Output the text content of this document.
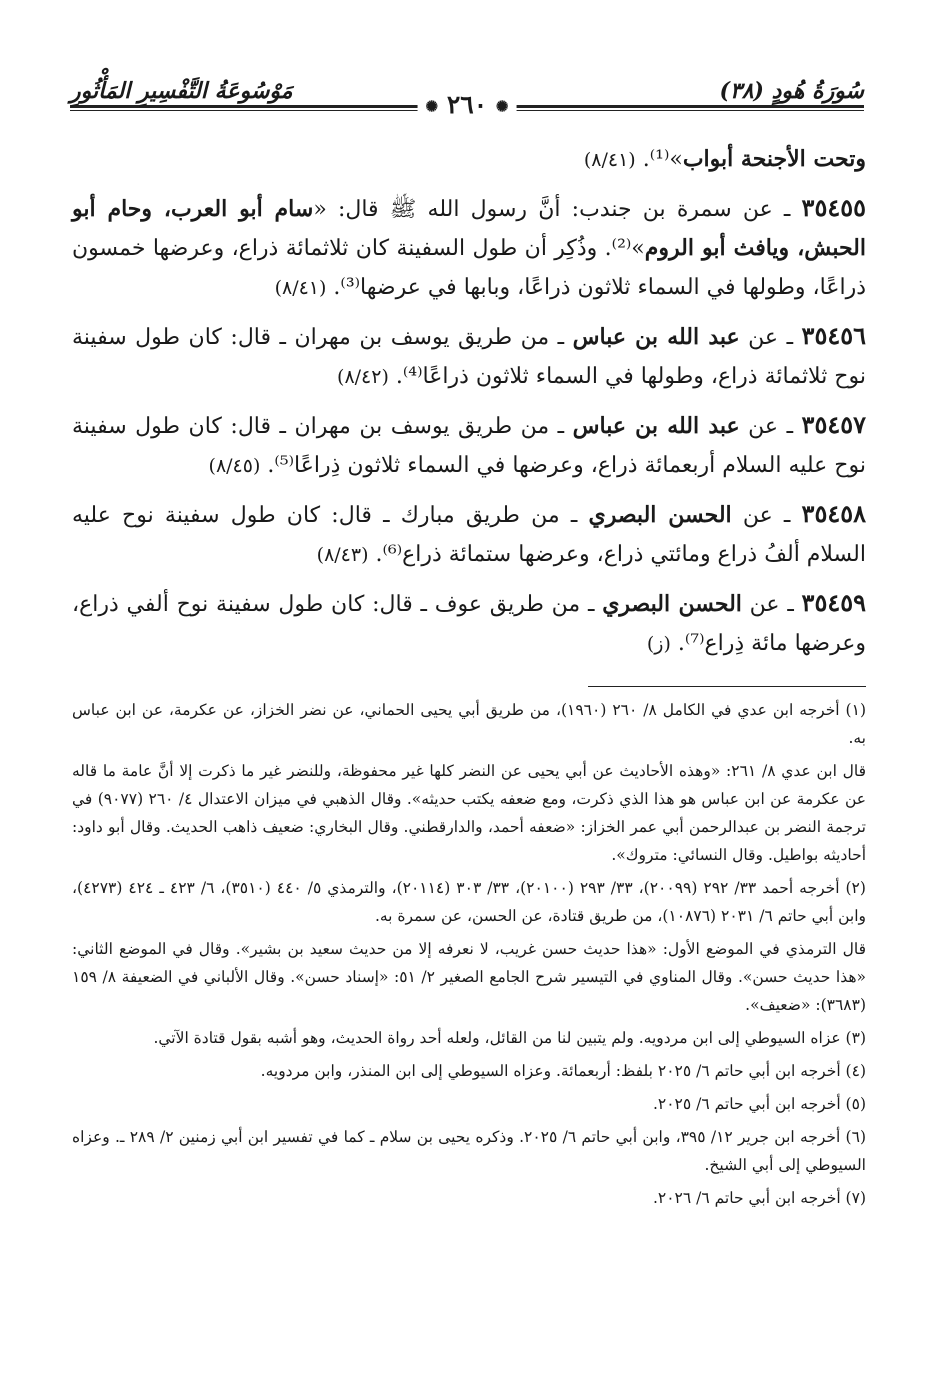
سُورَةُ هُودٍ (٣٨)
✺ ٢٦٠ ✺
مَوْسُوعَةُ التَّفْسِيرِ المَأْثُورِ

وتحت الأجنحة أبواب»⁽¹⁾. (٨/٤١)

٣٥٤٥٥ ـ عن سمرة بن جندب: أنَّ رسول الله ﷺ قال: «سام أبو العرب، وحام أبو الحبش، ويافث أبو الروم»⁽²⁾. وذُكِر أن طول السفينة كان ثلاثمائة ذراع، وعرضها خمسون ذراعًا، وطولها في السماء ثلاثون ذراعًا، وبابها في عرضها⁽³⁾. (٨/٤١)

٣٥٤٥٦ ـ عن عبد الله بن عباس ـ من طريق يوسف بن مهران ـ قال: كان طول سفينة نوح ثلاثمائة ذراع، وطولها في السماء ثلاثون ذراعًا⁽⁴⁾. (٨/٤٢)

٣٥٤٥٧ ـ عن عبد الله بن عباس ـ من طريق يوسف بن مهران ـ قال: كان طول سفينة نوح عليه السلام أربعمائة ذراع، وعرضها في السماء ثلاثون ذِراعًا⁽⁵⁾. (٨/٤٥)

٣٥٤٥٨ ـ عن الحسن البصري ـ من طريق مبارك ـ قال: كان طول سفينة نوح عليه السلام ألفُ ذراع ومائتي ذراع، وعرضها ستمائة ذراع⁽⁶⁾. (٨/٤٣)

٣٥٤٥٩ ـ عن الحسن البصري ـ من طريق عوف ـ قال: كان طول سفينة نوح ألفي ذراع، وعرضها مائة ذِراع⁽⁷⁾. (ز)

(١) أخرجه ابن عدي في الكامل ٨/ ٢٦٠ (١٩٦٠)، من طريق أبي يحيى الحماني، عن نضر الخزاز، عن عكرمة، عن ابن عباس به.

قال ابن عدي ٨/ ٢٦١: «وهذه الأحاديث عن أبي يحيى عن النضر كلها غير محفوظة، وللنضر غير ما ذكرت إلا أنَّ عامة ما قاله عن عكرمة عن ابن عباس هو هذا الذي ذكرت، ومع ضعفه يكتب حديثه». وقال الذهبي في ميزان الاعتدال ٤/ ٢٦٠ (٩٠٧٧) في ترجمة النضر بن عبدالرحمن أبي عمر الخزاز: «ضعفه أحمد، والدارقطني. وقال البخاري: ضعيف ذاهب الحديث. وقال أبو داود: أحاديثه بواطيل. وقال النسائي: متروك».

(٢) أخرجه أحمد ٣٣/ ٢٩٢ (٢٠٠٩٩)، ٣٣/ ٢٩٣ (٢٠١٠٠)، ٣٣/ ٣٠٣ (٢٠١١٤)، والترمذي ٥/ ٤٤٠ (٣٥١٠)، ٦/ ٤٢٣ ـ ٤٢٤ (٤٢٧٣)، وابن أبي حاتم ٦/ ٢٠٣١ (١٠٨٧٦)، من طريق قتادة، عن الحسن، عن سمرة به.

قال الترمذي في الموضع الأول: «هذا حديث حسن غريب، لا نعرفه إلا من حديث سعيد بن بشير». وقال في الموضع الثاني: «هذا حديث حسن». وقال المناوي في التيسير شرح الجامع الصغير ٢/ ٥١: «إسناد حسن». وقال الألباني في الضعيفة ٨/ ١٥٩ (٣٦٨٣): «ضعيف».

(٣) عزاه السيوطي إلى ابن مردويه. ولم يتبين لنا من القائل، ولعله أحد رواة الحديث، وهو أشبه بقول قتادة الآتي.

(٤) أخرجه ابن أبي حاتم ٦/ ٢٠٢٥ بلفظ: أربعمائة. وعزاه السيوطي إلى ابن المنذر، وابن مردويه.

(٥) أخرجه ابن أبي حاتم ٦/ ٢٠٢٥.

(٦) أخرجه ابن جرير ١٢/ ٣٩٥، وابن أبي حاتم ٦/ ٢٠٢٥. وذكره يحيى بن سلام ـ كما في تفسير ابن أبي زمنين ٢/ ٢٨٩ ـ. وعزاه السيوطي إلى أبي الشيخ.

(٧) أخرجه ابن أبي حاتم ٦/ ٢٠٢٦.
